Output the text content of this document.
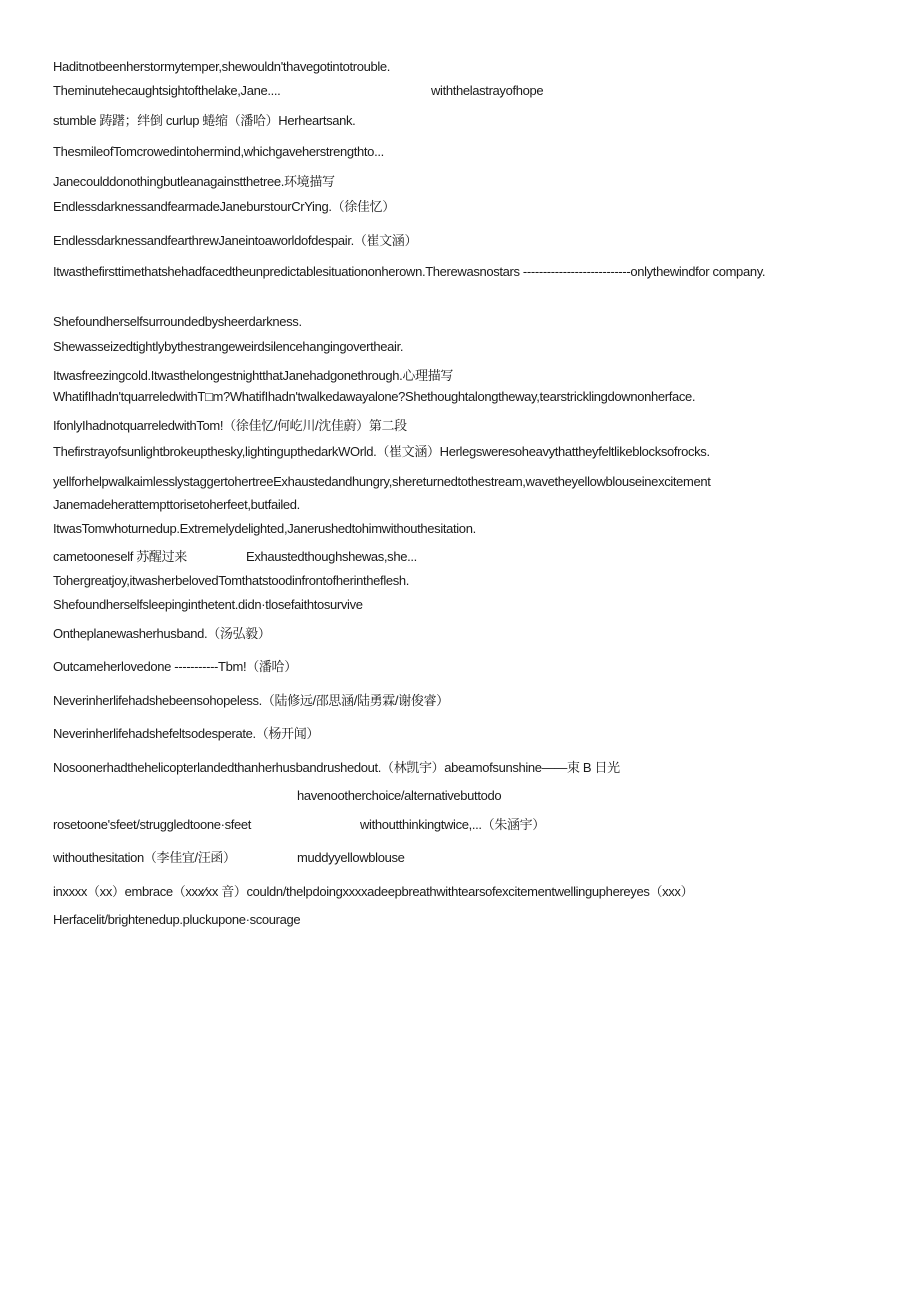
Haditnotbeenherstormytemper,shewouldn'thavegotintotrouble.
Theminutehecaughtsightofthelake,Jane....	withthelastrayofhope
stumble 踌躇；绊倒 curlup 蜷缩（潘哈）Herheartsank.
ThesmileofTomcrowedintohermind,whichgaveherstrengthto...
Janecoulddonothingbutleanagainstthetree.环境描写
EndlessdarknessandfearmadeJaneburstourCrYing.（徐佳忆）
EndlessdarknessandfearthrewJaneintoaworldofdespair.（崔文涵）
Itwasthefirsttimethatshehadfacedtheunpredictablesituationonherown.Therewasnostars ---------------------------onlythewindfor company.
Shefoundherselfsurroundedbysheerdarkness.
Shewasseizedtightlybythestrangeweirdsilencehangingovertheair.
Itwasfreezingcold.ItwasthelongestnightthatJanehadgonethrough.心理描写
WhatifIhadn'tquarreledwithT□m?WhatifIhadn'twalkedawayalone?Shethoughtalongtheway,tearstricklingdownonherface.
IfonlyIhadnotquarreledwithTom!（徐佳忆/何屹川/沈佳蔚）第二段
Thefirstrayofsunlightbrokeupthesky,lightingupthedarkWOrld.（崔文涵）Herlegsweresoheavythattheyfeltlikeblocksofrocks.
yellforhelpwalkaimlesslystaggertohertreeExhaustedandhungry,shereturnedtothestream,wavetheyellowblouseinexcitement
Janemadeherattempttorisetoherfeet,butfailed.
ItwasTomwhoturnedup.Extremelydelighted,Janerushedtohimwithouthesitation.
cametooneself 苏醒过来	Exhaustedthoughshewas,she...
Tohergreatjoy,itwasherbelovedTomthatstoodinfrontofherintheflesh.
Shefoundherselfsleepinginthetent.didn·tlosefaithtosurvive
Ontheplanewasherhusband.（汤弘毅）
Outcameherlovedone -----------Tbm!（潘哈）
Neverinherlifehadshebeensohopeless.（陆修远/邵思涵/陆勇霖/谢俊睿）
Neverinherlifehadshefeltsodesperate.（杨开闻）
Nosoonerhadthehelicopterlandedthanherhusbandrushedout.（林凯宇）abeamofsunshine——束 B 日光
havenootherchoice/alternativebuttodo
rosetoone'sfeet/struggledtoone·sfeet	withoutthinkingtwice,...（朱涵宇）
withouthesitation（李佳宜/汪函）	muddyyellowblouse
inxxxx（xx）embrace（xxx∕xx 音）couldn/thelpdoingxxxxadeepbreathwithtearsofexcitementwellinguphereyes（xxx）
Herfacelit/brightenedup.pluckupone·scourage
